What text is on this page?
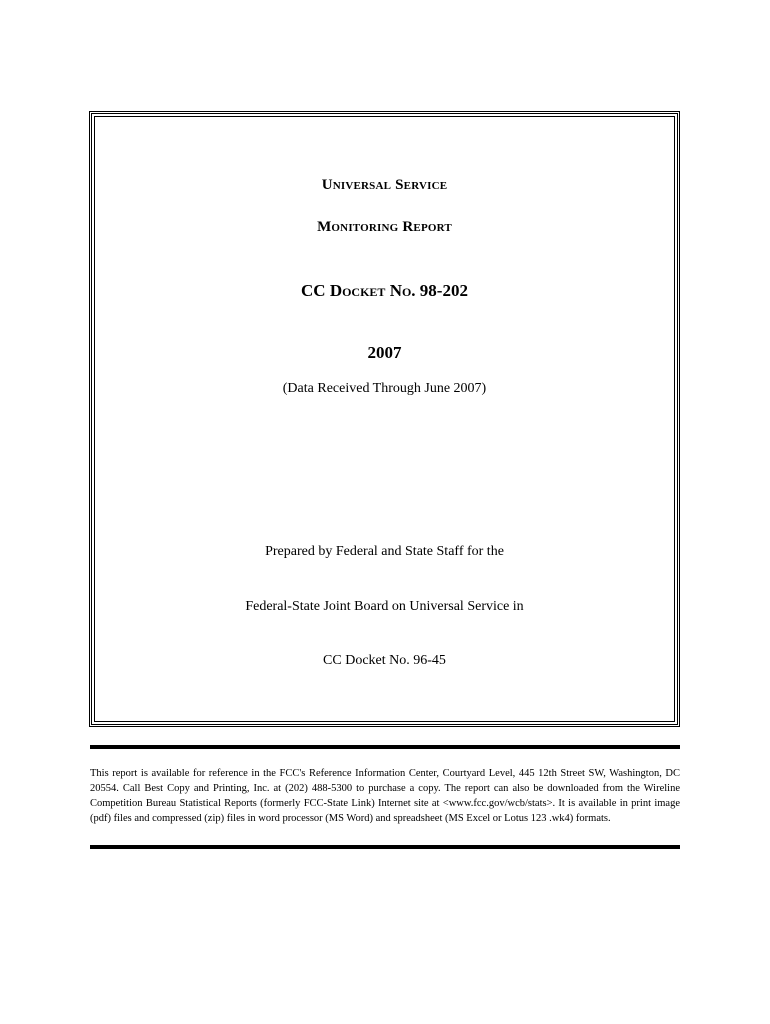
Universal Service
Monitoring Report
CC Docket No. 98-202
2007
(Data Received Through June 2007)
Prepared by Federal and State Staff for the
Federal-State Joint Board on Universal Service in
CC Docket No. 96-45
This report is available for reference in the FCC's Reference Information Center, Courtyard Level, 445 12th Street SW, Washington, DC 20554. Call Best Copy and Printing, Inc. at (202) 488-5300 to purchase a copy. The report can also be downloaded from the Wireline Competition Bureau Statistical Reports (formerly FCC-State Link) Internet site at <www.fcc.gov/wcb/stats>. It is available in print image (pdf) files and compressed (zip) files in word processor (MS Word) and spreadsheet (MS Excel or Lotus 123 .wk4) formats.
